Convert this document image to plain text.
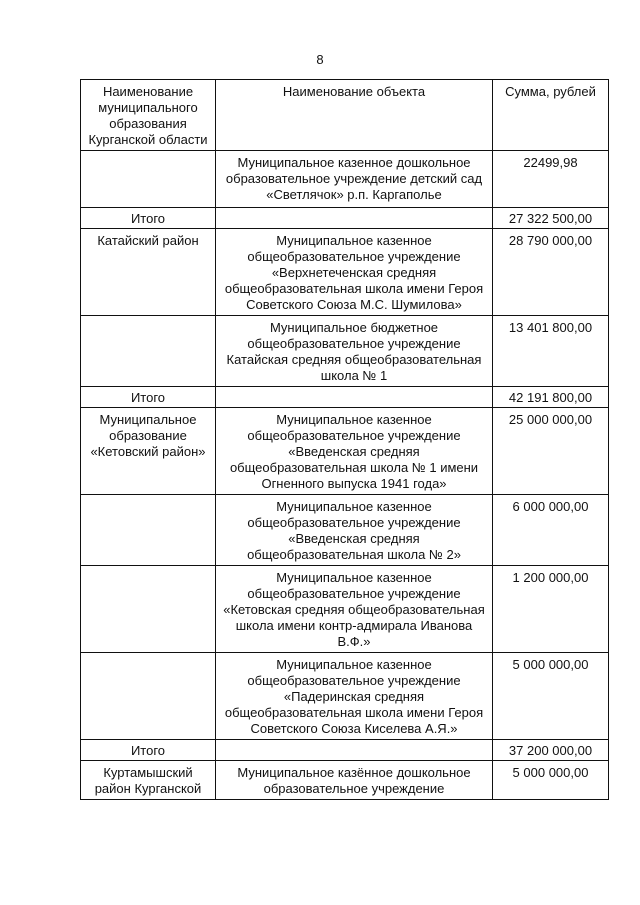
8
Наименование муниципального образования Курганской области	Наименование объекта	Сумма, рублей
	Муниципальное казенное дошкольное образовательное учреждение детский сад «Светлячок» р.п. Каргаполье	22499,98
Итого		27 322 500,00
Катайский район	Муниципальное казенное общеобразовательное учреждение «Верхнетеченская средняя общеобразовательная школа имени Героя Советского Союза М.С. Шумилова»	28 790 000,00
	Муниципальное бюджетное общеобразовательное учреждение Катайская средняя общеобразовательная школа № 1	13 401 800,00
Итого		42 191 800,00
Муниципальное образование «Кетовский район»	Муниципальное казенное общеобразовательное учреждение «Введенская средняя общеобразовательная школа № 1 имени Огненного выпуска 1941 года»	25 000 000,00
	Муниципальное казенное общеобразовательное учреждение «Введенская средняя общеобразовательная школа № 2»	6 000 000,00
	Муниципальное казенное общеобразовательное учреждение «Кетовская средняя общеобразовательная школа имени контр-адмирала Иванова В.Ф.»	1 200 000,00
	Муниципальное казенное общеобразовательное учреждение «Падеринская средняя общеобразовательная школа имени Героя Советского Союза Киселева А.Я.»	5 000 000,00
Итого		37 200 000,00
Куртамышский район Курганской	Муниципальное казённое дошкольное образовательное учреждение	5 000 000,00
